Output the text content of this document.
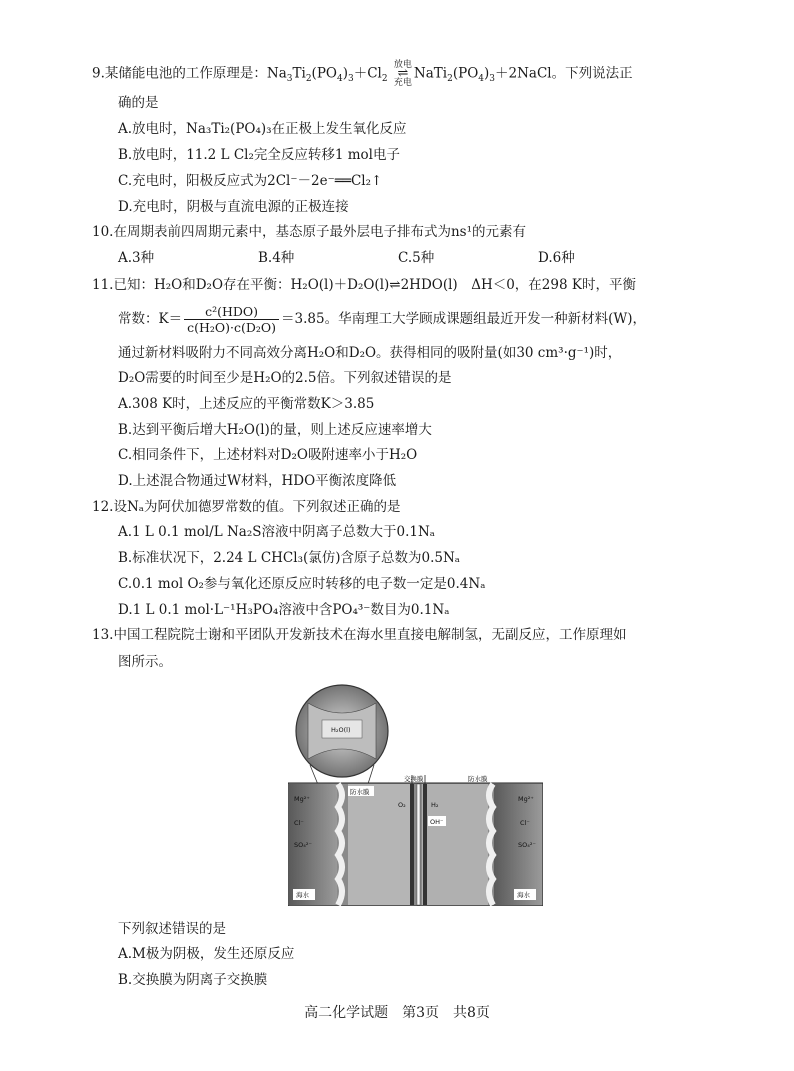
9.某储能电池的工作原理是：$Na_3Ti_2(PO_4)_3+Cl_2$
放电
⇌
充电
$NaTi_2(PO_4)_3+2NaCl$。下列说法正
确的是
A.放电时，Na₃Ti₂(PO₄)₃在正极上发生氧化反应
B.放电时，11.2 L Cl₂完全反应转移1 mol电子
C.充电时，阳极反应式为2Cl⁻－2e⁻══Cl₂↑
D.充电时，阴极与直流电源的正极连接
10.在周期表前四周期元素中，基态原子最外层电子排布式为ns¹的元素有
A.3种	B.4种	C.5种	D.6种
11.已知：H₂O和D₂O存在平衡：H₂O(l)＋D₂O(l)⇌2HDO(l)　ΔH＜0，在298 K时，平衡
常数：$K= \frac{\text{c²(HDO)}}{\text{c(H₂O)·c(D₂O)}} =3.85$。华南理工大学顾成课题组最近开发一种新材料(W)，
通过新材料吸附力不同高效分离H₂O和D₂O。获得相同的吸附量(如30 cm³·g⁻¹)时，
D₂O需要的时间至少是H₂O的2.5倍。下列叙述错误的是
A.308 K时，上述反应的平衡常数K＞3.85
B.达到平衡后增大H₂O(l)的量，则上述反应速率增大
C.相同条件下，上述材料对D₂O吸附速率小于H₂O
D.上述混合物通过W材料，HDO平衡浓度降低
12.设Nₐ为阿伏加德罗常数的值。下列叙述正确的是
A.1 L 0.1 mol/L Na₂S溶液中阴离子总数大于0.1Nₐ
B.标准状况下，2.24 L CHCl₃(氯仿)含原子总数为0.5Nₐ
C.0.1 mol O₂参与氧化还原反应时转移的电子数一定是0.4Nₐ
D.1 L 0.1 mol·L⁻¹H₃PO₄溶液中含PO₄³⁻数目为0.1Nₐ
13.中国工程院院士谢和平团队开发新技术在海水里直接电解制氢，无副反应，工作原理如
图所示。
H₂O(l)
防水膜
交换膜	防水膜
O₂	H₂
OH⁻
Mg²⁺
Cl⁻
SO₄²⁻
Mg²⁺
Cl⁻
SO₄²⁻
海水	海水
下列叙述错误的是
A.M极为阴极，发生还原反应
B.交换膜为阴离子交换膜
高二化学试题　第3页　共8页
